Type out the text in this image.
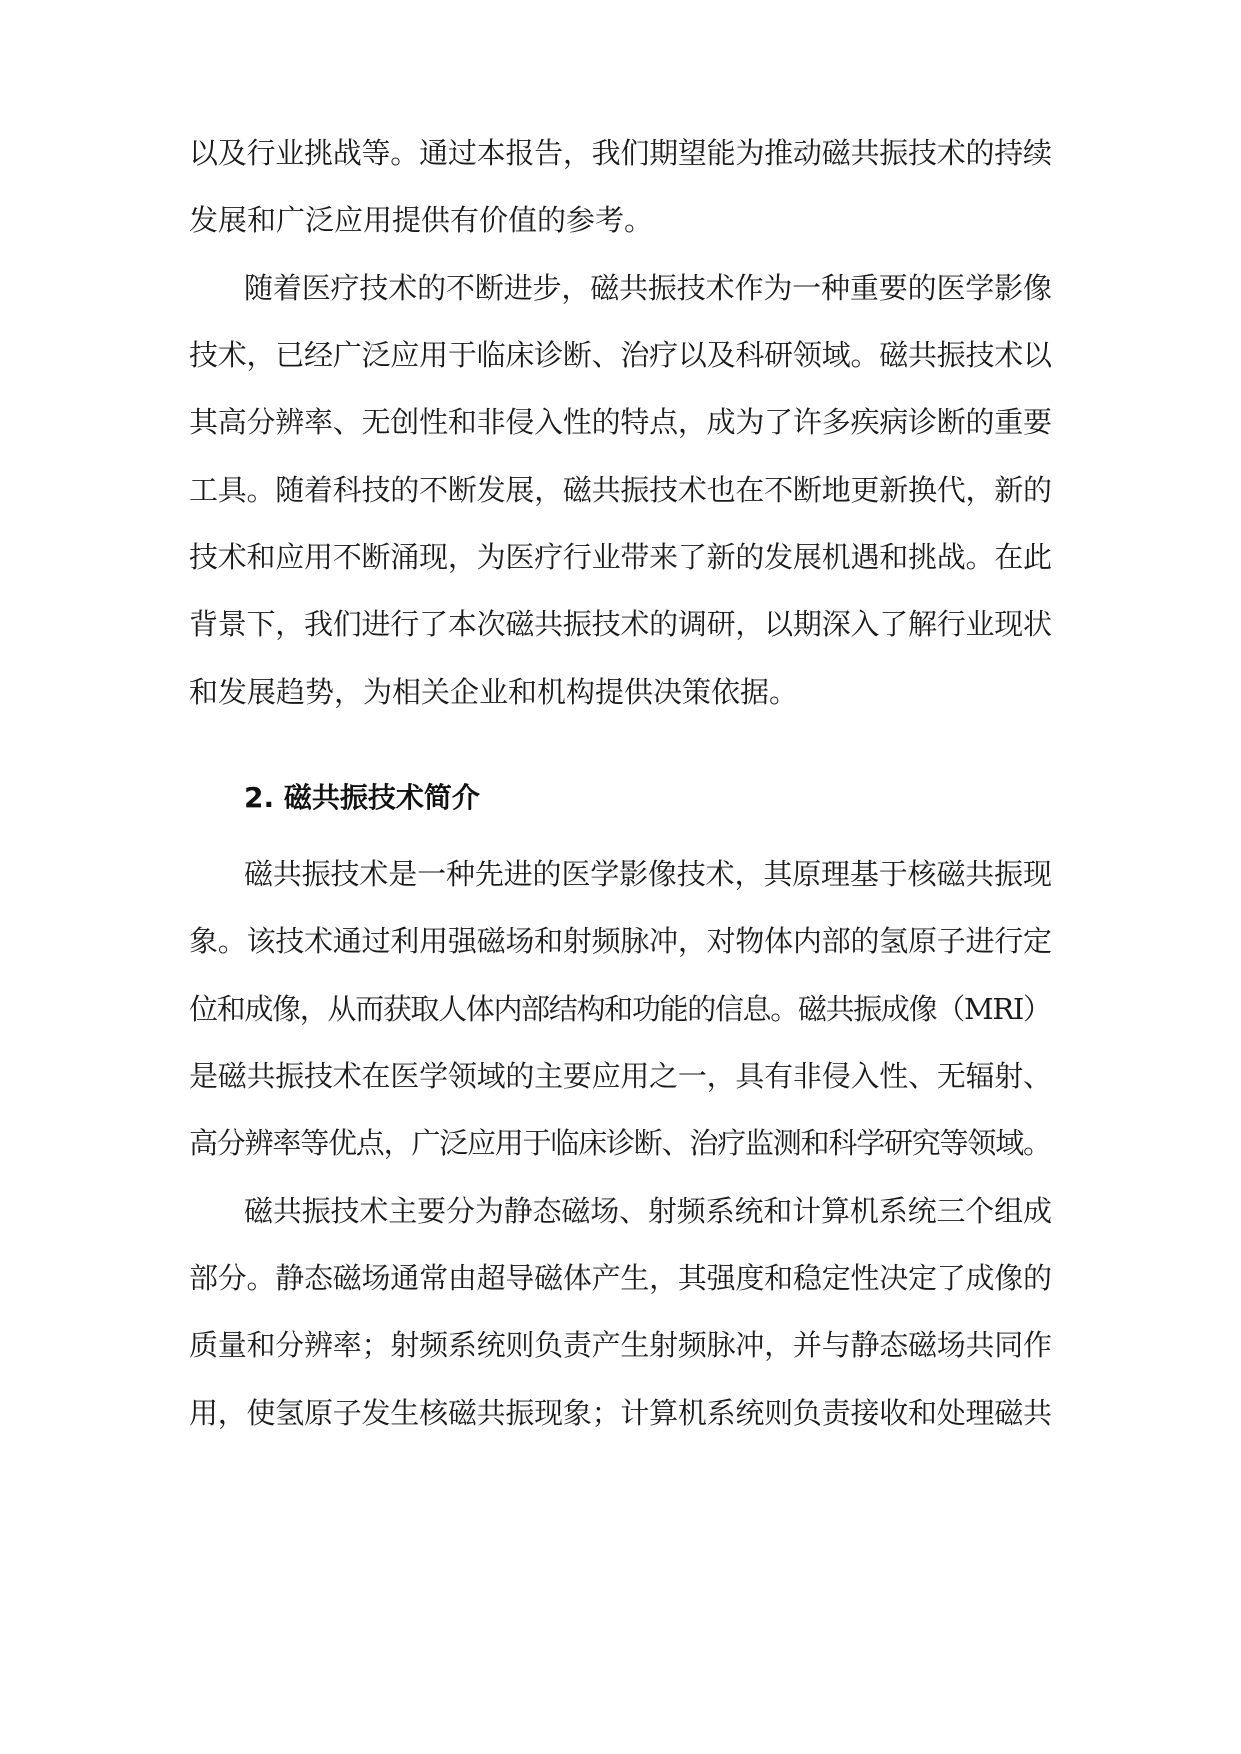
以及行业挑战等。通过本报告，我们期望能为推动磁共振技术的持续
发展和广泛应用提供有价值的参考。
随着医疗技术的不断进步，磁共振技术作为一种重要的医学影像
技术，已经广泛应用于临床诊断、治疗以及科研领域。磁共振技术以
其高分辨率、无创性和非侵入性的特点，成为了许多疾病诊断的重要
工具。随着科技的不断发展，磁共振技术也在不断地更新换代，新的
技术和应用不断涌现，为医疗行业带来了新的发展机遇和挑战。在此
背景下，我们进行了本次磁共振技术的调研，以期深入了解行业现状
和发展趋势，为相关企业和机构提供决策依据。
2. 磁共振技术简介
磁共振技术是一种先进的医学影像技术，其原理基于核磁共振现
象。该技术通过利用强磁场和射频脉冲，对物体内部的氢原子进行定
位和成像，从而获取人体内部结构和功能的信息。磁共振成像（MRI）
是磁共振技术在医学领域的主要应用之一，具有非侵入性、无辐射、
高分辨率等优点，广泛应用于临床诊断、治疗监测和科学研究等领域。
磁共振技术主要分为静态磁场、射频系统和计算机系统三个组成
部分。静态磁场通常由超导磁体产生，其强度和稳定性决定了成像的
质量和分辨率；射频系统则负责产生射频脉冲，并与静态磁场共同作
用，使氢原子发生核磁共振现象；计算机系统则负责接收和处理磁共
